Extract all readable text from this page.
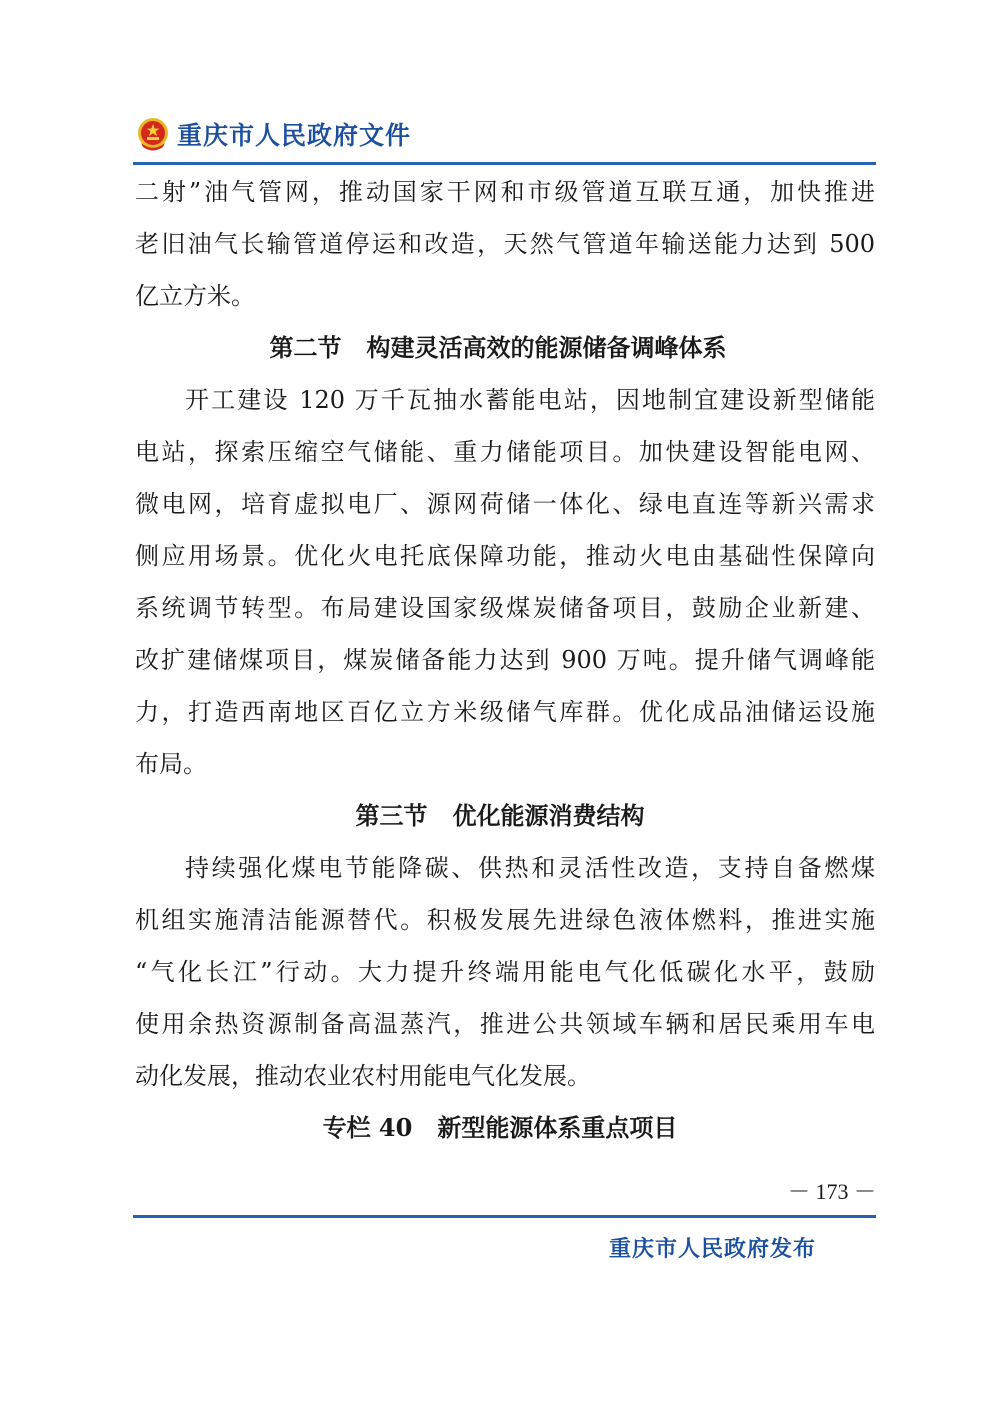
重庆市人民政府文件
二射”油气管网，推动国家干网和市级管道互联互通，加快推进
老旧油气长输管道停运和改造，天然气管道年输送能力达到 500
亿立方米。
第二节   构建灵活高效的能源储备调峰体系
开工建设 120 万千瓦抽水蓄能电站，因地制宜建设新型储能
电站，探索压缩空气储能、重力储能项目。加快建设智能电网、
微电网，培育虚拟电厂、源网荷储一体化、绿电直连等新兴需求
侧应用场景。优化火电托底保障功能，推动火电由基础性保障向
系统调节转型。布局建设国家级煤炭储备项目，鼓励企业新建、
改扩建储煤项目，煤炭储备能力达到 900 万吨。提升储气调峰能
力，打造西南地区百亿立方米级储气库群。优化成品油储运设施
布局。
第三节   优化能源消费结构
持续强化煤电节能降碳、供热和灵活性改造，支持自备燃煤
机组实施清洁能源替代。积极发展先进绿色液体燃料，推进实施
“气化长江”行动。大力提升终端用能电气化低碳化水平，鼓励
使用余热资源制备高温蒸汽，推进公共领域车辆和居民乘用车电
动化发展，推动农业农村用能电气化发展。
专栏 40   新型能源体系重点项目
－ 173 －
重庆市人民政府发布
